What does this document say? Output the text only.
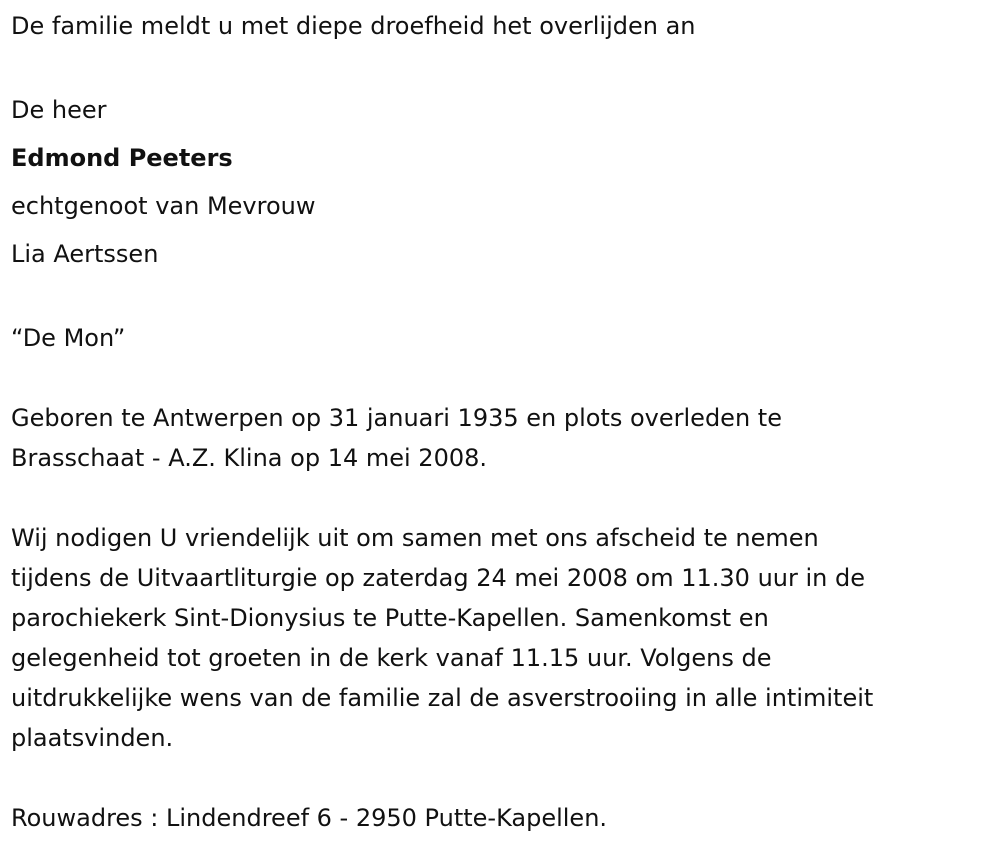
De familie meldt u met diepe droefheid het overlijden an
De heer
Edmond Peeters
echtgenoot van Mevrouw
Lia Aertssen
“De Mon”
Geboren te Antwerpen op 31 januari 1935 en plots overleden te
Brasschaat - A.Z. Klina op 14 mei 2008.
Wij nodigen U vriendelijk uit om samen met ons afscheid te nemen
tijdens de Uitvaartliturgie op zaterdag 24 mei 2008 om 11.30 uur in de
parochiekerk Sint-Dionysius te Putte-Kapellen. Samenkomst en
gelegenheid tot groeten in de kerk vanaf 11.15 uur. Volgens de
uitdrukkelijke wens van de familie zal de asverstrooiing in alle intimiteit
plaatsvinden.
Rouwadres : Lindendreef 6 - 2950 Putte-Kapellen.
